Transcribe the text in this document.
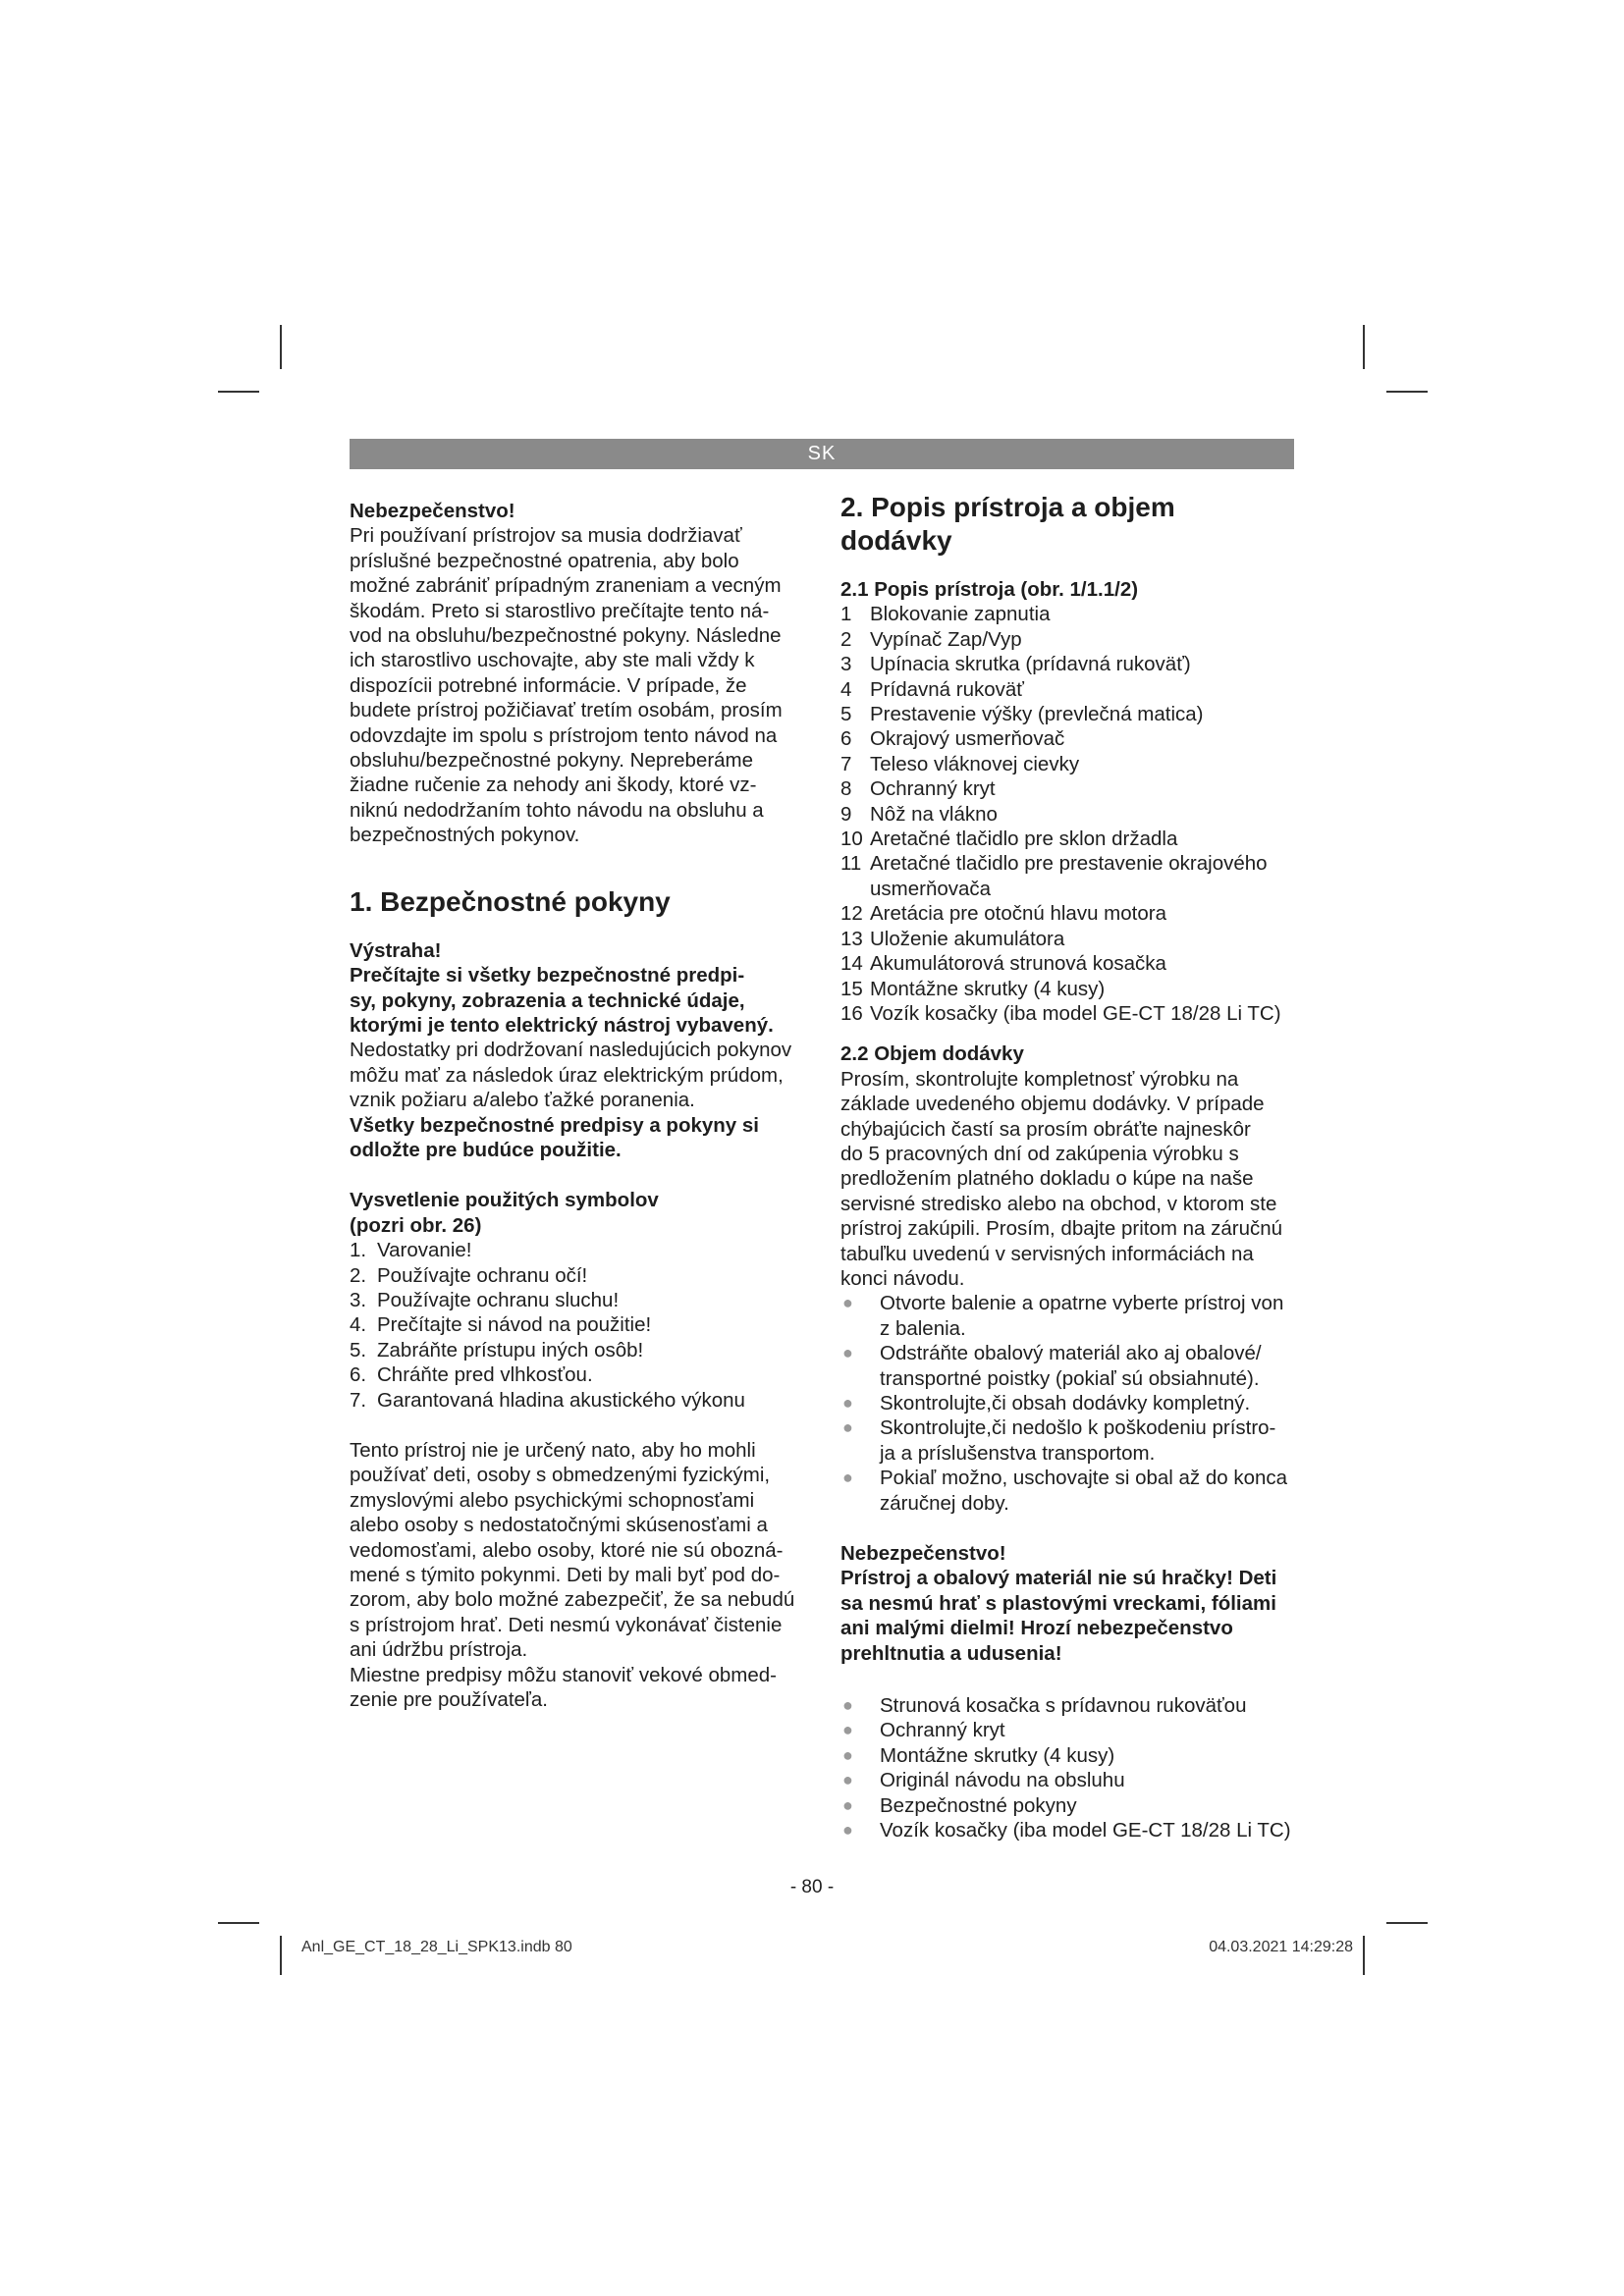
SK

Nebezpečenstvo!

Pri používaní prístrojov sa musia dodržiavať
príslušné bezpečnostné opatrenia, aby bolo
možné zabrániť prípadným zraneniam a vecným
škodám. Preto si starostlivo prečítajte tento ná-
vod na obsluhu/bezpečnostné pokyny. Následne
ich starostlivo uschovajte, aby ste mali vždy k
dispozícii potrebné informácie. V prípade, že
budete prístroj požičiavať tretím osobám, prosím
odovzdajte im spolu s prístrojom tento návod na
obsluhu/bezpečnostné pokyny. Nepreberáme
žiadne ručenie za nehody ani škody, ktoré vz-
niknú nedodržaním tohto návodu na obsluhu a
bezpečnostných pokynov.

1. Bezpečnostné pokyny

Výstraha!

Prečítajte si všetky bezpečnostné predpi-
sy, pokyny, zobrazenia a technické údaje,
ktorými je tento elektrický nástroj vybavený.
Nedostatky pri dodržovaní nasledujúcich pokynov
môžu mať za následok úraz elektrickým prúdom,
vznik požiaru a/alebo ťažké poranenia.
Všetky bezpečnostné predpisy a pokyny si
odložte pre budúce použitie.
Vysvetlenie použitých symbolov
(pozri obr. 26)
1. Varovanie!
2. Používajte ochranu očí!
3. Používajte ochranu sluchu!
4. Prečítajte si návod na použitie!
5. Zabráňte prístupu iných osôb!
6. Chráňte pred vlhkosťou.
7. Garantovaná hladina akustického výkonu
Tento prístroj nie je určený nato, aby ho mohli
používať deti, osoby s obmedzenými fyzickými,
zmyslovými alebo psychickými schopnosťami
alebo osoby s nedostatočnými skúsenosťami a
vedomosťami, alebo osoby, ktoré nie sú obozná-
mené s týmito pokynmi. Deti by mali byť pod do-
zorom, aby bolo možné zabezpečiť, že sa nebudú
s prístrojom hrať. Deti nesmú vykonávať čistenie
ani údržbu prístroja.
Miestne predpisy môžu stanoviť vekové obmed-
zenie pre používateľa.

2. Popis prístroja a objem dodávky

2.1 Popis prístroja (obr. 1/1.1/2)

1 Blokovanie zapnutia
2 Vypínač Zap/Vyp
3 Upínacia skrutka (prídavná rukoväť)
4 Prídavná rukoväť
5 Prestavenie výšky (prevlečná matica)
6 Okrajový usmerňovač
7 Teleso vláknovej cievky
8 Ochranný kryt
9 Nôž na vlákno
10 Aretačné tlačidlo pre sklon držadla
11 Aretačné tlačidlo pre prestavenie okrajového usmerňovača
12 Aretácia pre otočnú hlavu motora
13 Uloženie akumulátora
14 Akumulátorová strunová kosačka
15 Montážne skrutky (4 kusy)
16 Vozík kosačky (iba model GE-CT 18/28 Li TC)

2.2 Objem dodávky

Prosím, skontrolujte kompletnosť výrobku na
základe uvedeného objemu dodávky. V prípade
chýbajúcich častí sa prosím obráťte najneskôr
do 5 pracovných dní od zakúpenia výrobku s
predložením platného dokladu o kúpe na naše
servisné stredisko alebo na obchod, v ktorom ste
prístroj zakúpili. Prosím, dbajte pritom na záručnú
tabuľku uvedenú v servisných informáciách na
konci návodu.
● Otvorte balenie a opatrne vyberte prístroj von z balenia.
● Odstráňte obalový materiál ako aj obalové/ transportné poistky (pokiaľ sú obsiahnuté).
● Skontrolujte,či obsah dodávky kompletný.
● Skontrolujte,či nedošlo k poškodeniu prístro- ja a príslušenstva transportom.
● Pokiaľ možno, uschovajte si obal až do konca záručnej doby.

Nebezpečenstvo!

Prístroj a obalový materiál nie sú hračky! Deti
sa nesmú hrať s plastovými vreckami, fóliami
ani malými dielmi! Hrozí nebezpečenstvo
prehltnutia a udusenia!
● Strunová kosačka s prídavnou rukoväťou
● Ochranný kryt
● Montážne skrutky (4 kusy)
● Originál návodu na obsluhu
● Bezpečnostné pokyny
● Vozík kosačky (iba model GE-CT 18/28 Li TC)
- 80 -
Anl_GE_CT_18_28_Li_SPK13.indb 80	04.03.2021 14:29:28
